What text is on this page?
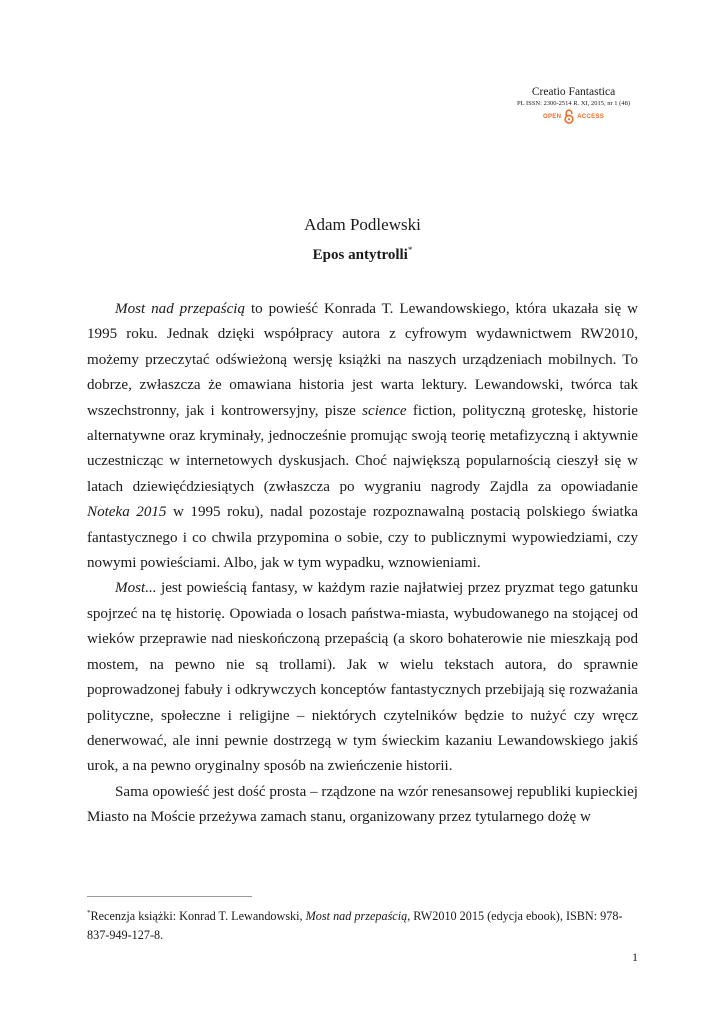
Creatio Fantastica
PL ISSN: 2300-2514 R. XI, 2015, nr 1 (48)
OPEN	ACCESS
Adam Podlewski
Epos antytrolli*

Most nad przepaścią to powieść Konrada T. Lewandowskiego, która ukazała się w 1995 roku. Jednak dzięki współpracy autora z cyfrowym wydawnictwem RW2010, możemy przeczytać odświeżoną wersję książki na naszych urządzeniach mobilnych. To dobrze, zwłaszcza że omawiana historia jest warta lektury. Lewandowski, twórca tak wszechstronny, jak i kontrowersyjny, pisze science fiction, polityczną groteskę, historie alternatywne oraz kryminały, jednocześnie promując swoją teorię metafizyczną i aktywnie uczestnicząc w internetowych dyskusjach. Choć największą popularnością cieszył się w latach dziewięćdziesiątych (zwłaszcza po wygraniu nagrody Zajdla za opowiadanie Noteka 2015 w 1995 roku), nadal pozostaje rozpoznawalną postacią polskiego światka fantastycznego i co chwila przypomina o sobie, czy to publicznymi wypowiedziami, czy nowymi powieściami. Albo, jak w tym wypadku, wznowieniami.

Most... jest powieścią fantasy, w każdym razie najłatwiej przez pryzmat tego gatunku spojrzeć na tę historię. Opowiada o losach państwa-miasta, wybudowanego na stojącej od wieków przeprawie nad nieskończoną przepaścią (a skoro bohaterowie nie mieszkają pod mostem, na pewno nie są trollami). Jak w wielu tekstach autora, do sprawnie poprowadzonej fabuły i odkrywczych konceptów fantastycznych przebijają się rozważania polityczne, społeczne i religijne – niektórych czytelników będzie to nużyć czy wręcz denerwować, ale inni pewnie dostrzegą w tym świeckim kazaniu Lewandowskiego jakiś urok, a na pewno oryginalny sposób na zwieńczenie historii.

Sama opowieść jest dość prosta – rządzone na wzór renesansowej republiki kupieckiej Miasto na Moście przeżywa zamach stanu, organizowany przez tytularnego dożę w

*Recenzja książki: Konrad T. Lewandowski, Most nad przepaścią, RW2010 2015 (edycja ebook), ISBN: 978-837-949-127-8.
1
